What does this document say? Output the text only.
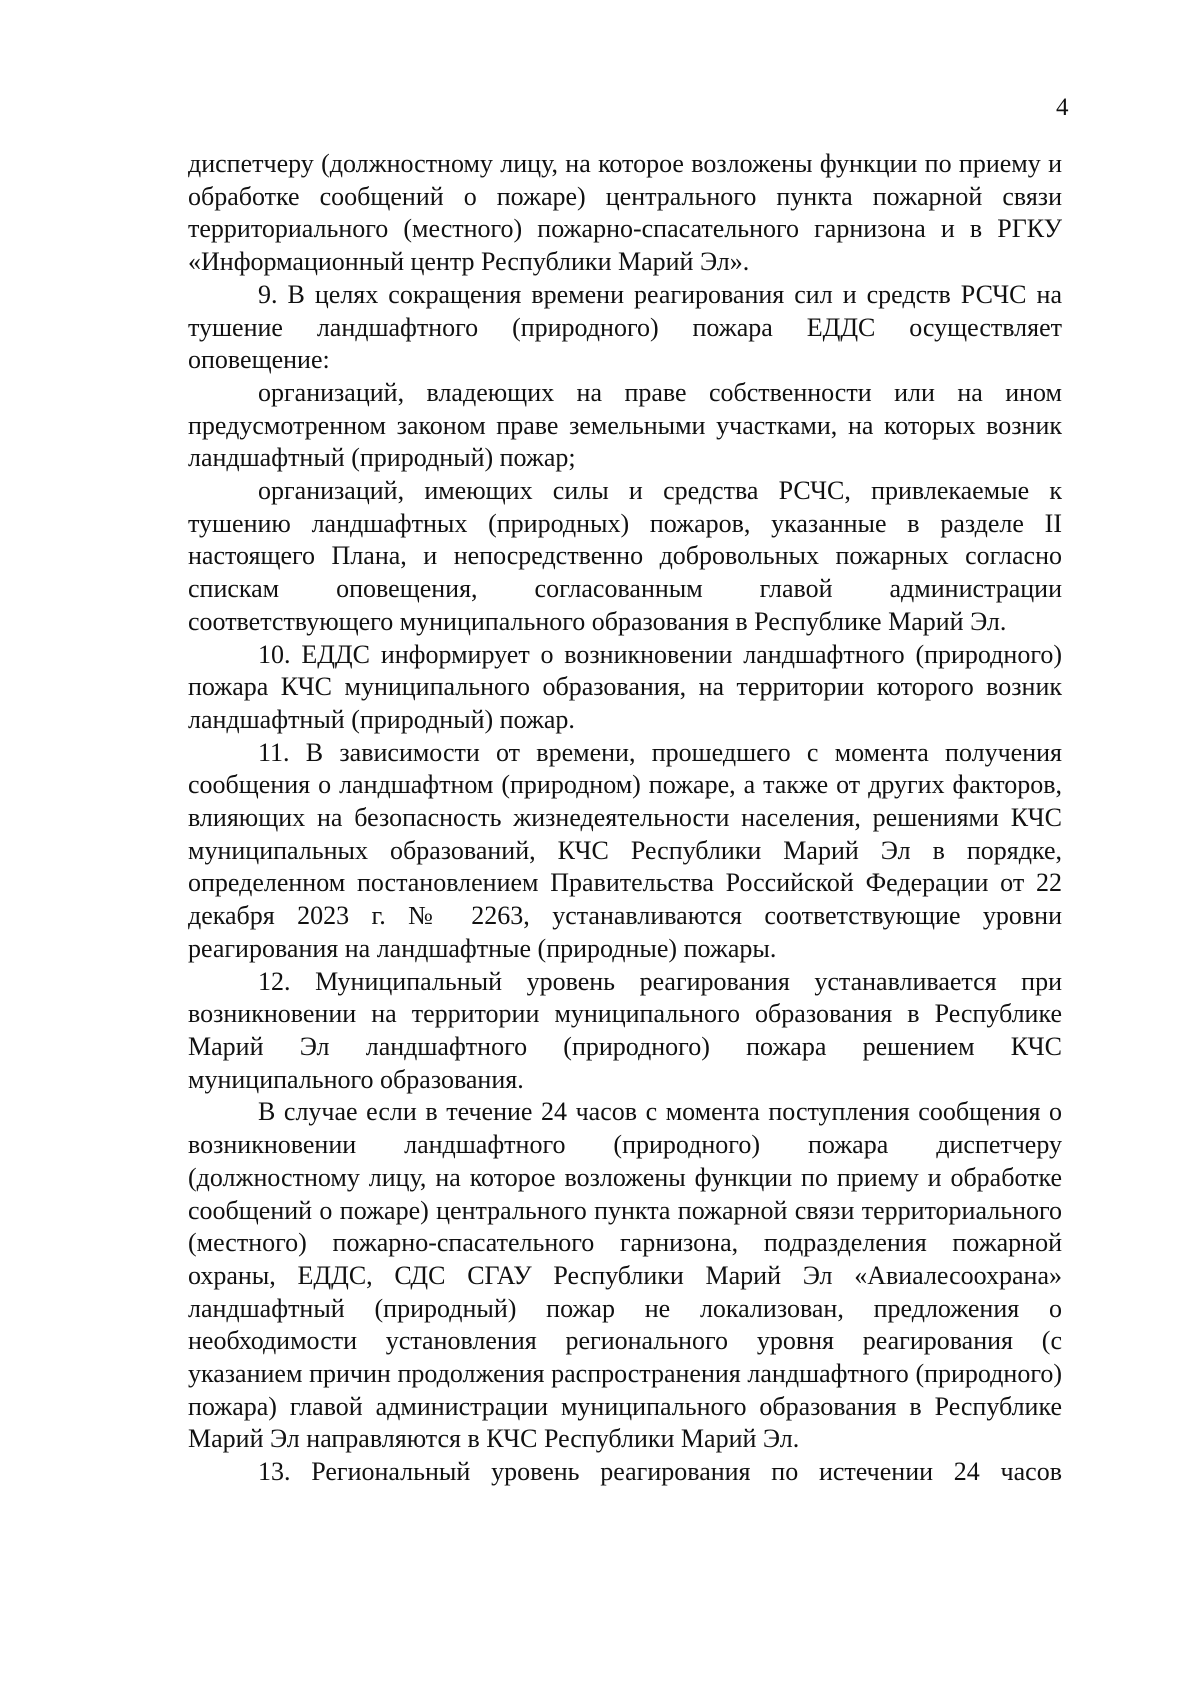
4

диспетчеру (должностному лицу, на которое возложены функции по приему и обработке сообщений о пожаре) центрального пункта пожарной связи территориального (местного) пожарно-спасательного гарнизона и в РГКУ «Информационный центр Республики Марий Эл».

9. В целях сокращения времени реагирования сил и средств РСЧС на тушение ландшафтного (природного) пожара ЕДДС осуществляет оповещение:

организаций, владеющих на праве собственности или на ином предусмотренном законом праве земельными участками, на которых возник ландшафтный (природный) пожар;

организаций, имеющих силы и средства РСЧС, привлекаемые к тушению ландшафтных (природных) пожаров, указанные в разделе II настоящего Плана, и непосредственно добровольных пожарных согласно спискам оповещения, согласованным главой администрации соответствующего муниципального образования в Республике Марий Эл.

10. ЕДДС информирует о возникновении ландшафтного (природного) пожара КЧС муниципального образования, на территории которого возник ландшафтный (природный) пожар.

11. В зависимости от времени, прошедшего с момента получения сообщения о ландшафтном (природном) пожаре, а также от других факторов, влияющих на безопасность жизнедеятельности населения, решениями КЧС муниципальных образований, КЧС Республики Марий Эл в порядке, определенном постановлением Правительства Российской Федерации от 22 декабря 2023 г. № 2263, устанавливаются соответствующие уровни реагирования на ландшафтные (природные) пожары.

12. Муниципальный уровень реагирования устанавливается при возникновении на территории муниципального образования в Республике Марий Эл ландшафтного (природного) пожара решением КЧС муниципального образования.

В случае если в течение 24 часов с момента поступления сообщения о возникновении ландшафтного (природного) пожара диспетчеру (должностному лицу, на которое возложены функции по приему и обработке сообщений о пожаре) центрального пункта пожарной связи территориального (местного) пожарно-спасательного гарнизона, подразделения пожарной охраны, ЕДДС, СДС СГАУ Республики Марий Эл «Авиалесоохрана» ландшафтный (природный) пожар не локализован, предложения о необходимости установления регионального уровня реагирования (с указанием причин продолжения распространения ландшафтного (природного) пожара) главой администрации муниципального образования в Республике Марий Эл направляются в КЧС Республики Марий Эл.

13. Региональный уровень реагирования по истечении 24 часов
